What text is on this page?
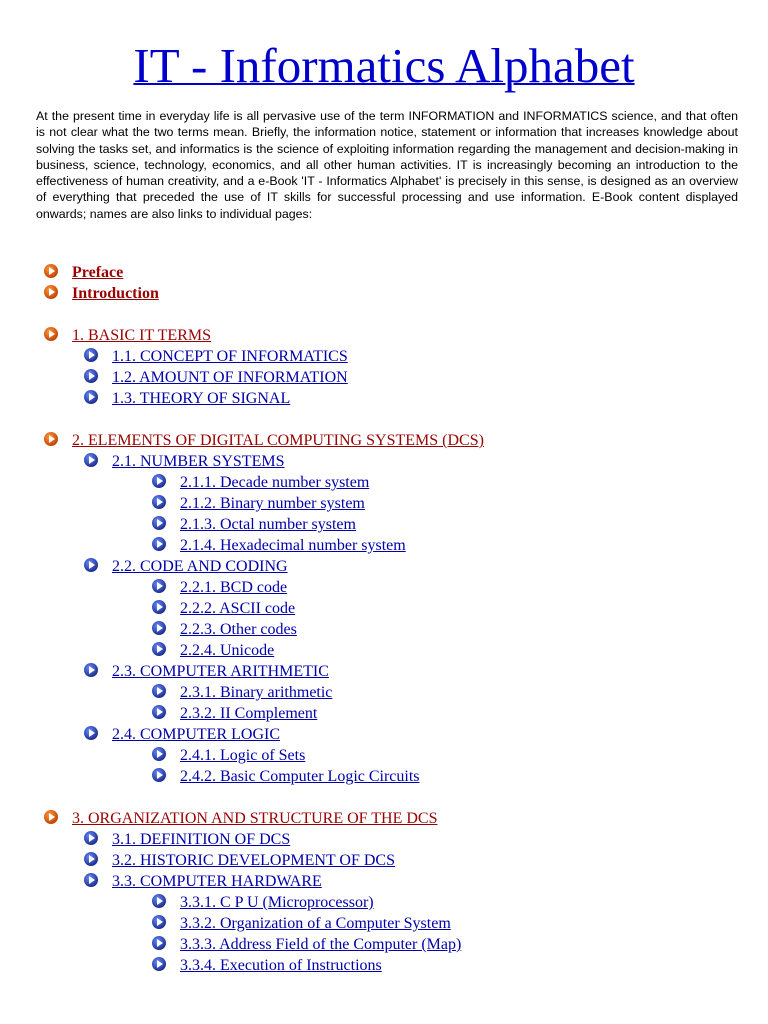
IT - Informatics Alphabet

At the present time in everyday life is all pervasive use of the term INFORMATION and INFORMATICS science, and that often is not clear what the two terms mean. Briefly, the information notice, statement or information that increases knowledge about solving the tasks set, and informatics is the science of exploiting information regarding the management and decision-making in business, science, technology, economics, and all other human activities. IT is increasingly becoming an introduction to the effectiveness of human creativity, and a e-Book 'IT - Informatics Alphabet' is precisely in this sense, is designed as an overview of everything that preceded the use of IT skills for successful processing and use information. E-Book content displayed onwards; names are also links to individual pages:

Preface
Introduction
1. BASIC IT TERMS
1.1. CONCEPT OF INFORMATICS
1.2. AMOUNT OF INFORMATION
1.3. THEORY OF SIGNAL
2. ELEMENTS OF DIGITAL COMPUTING SYSTEMS (DCS)
2.1. NUMBER SYSTEMS
2.1.1. Decade number system
2.1.2. Binary number system
2.1.3. Octal number system
2.1.4. Hexadecimal number system
2.2. CODE AND CODING
2.2.1. BCD code
2.2.2. ASCII code
2.2.3. Other codes
2.2.4. Unicode
2.3. COMPUTER ARITHMETIC
2.3.1. Binary arithmetic
2.3.2. II Complement
2.4. COMPUTER LOGIC
2.4.1. Logic of Sets
2.4.2. Basic Computer Logic Circuits
3. ORGANIZATION AND STRUCTURE OF THE DCS
3.1. DEFINITION OF DCS
3.2. HISTORIC DEVELOPMENT OF DCS
3.3. COMPUTER HARDWARE
3.3.1. C P U (Microprocessor)
3.3.2. Organization of a Computer System
3.3.3. Address Field of the Computer (Map)
3.3.4. Execution of Instructions
